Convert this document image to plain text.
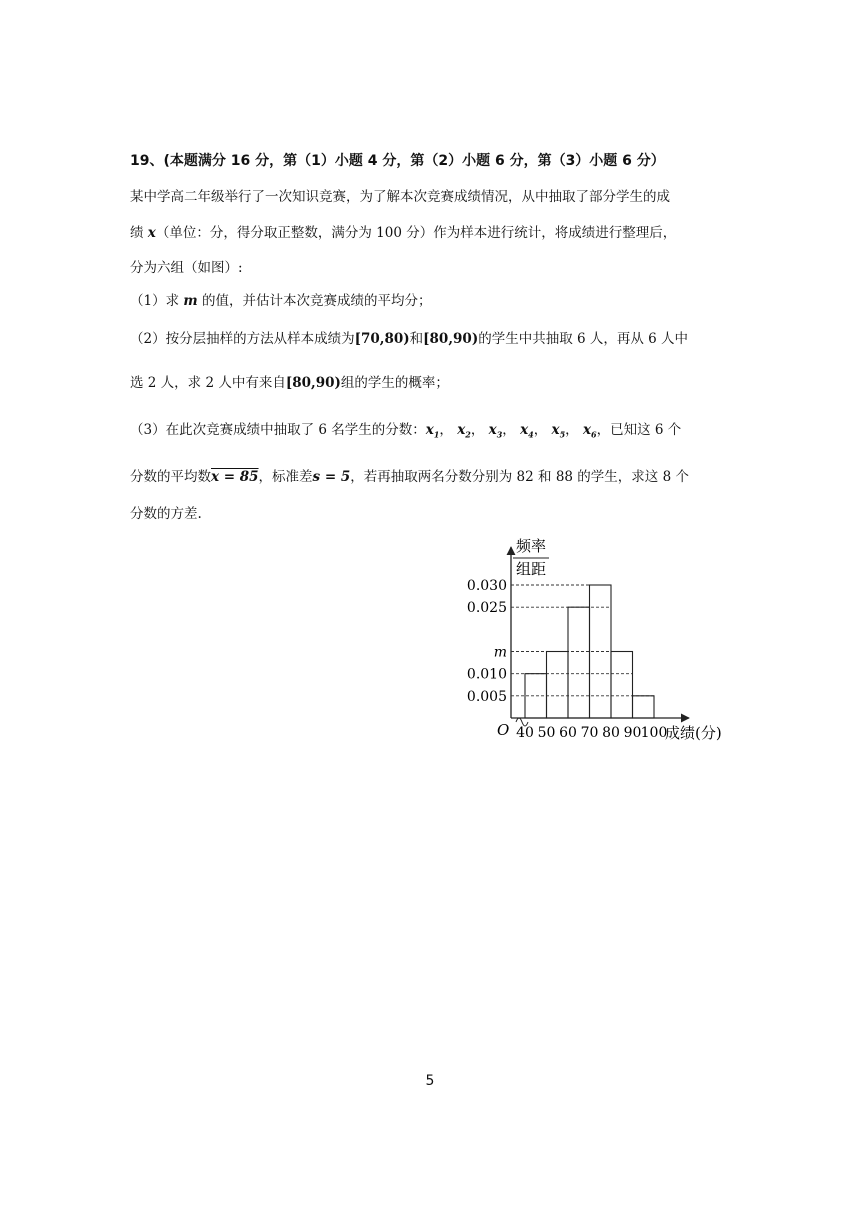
19、(本题满分 16 分，第（1）小题 4 分，第（2）小题 6 分，第（3）小题 6 分）
某中学高二年级举行了一次知识竞赛，为了解本次竞赛成绩情况，从中抽取了部分学生的成
绩 x（单位：分，得分取正整数，满分为 100 分）作为样本进行统计，将成绩进行整理后，
分为六组（如图）:
（1）求 m 的值，并估计本次竞赛成绩的平均分；
（2）按分层抽样的方法从样本成绩为[70,80)和[80,90)的学生中共抽取 6 人，再从 6 人中
选 2 人，求 2 人中有来自[80,90)组的学生的概率；
（3）在此次竞赛成绩中抽取了 6 名学生的分数：$x_1$， $x_2$， $x_3$， $x_4$， $x_5$， $x_6$，已知这 6 个
分数的平均数x = 85，标准差s = 5，若再抽取两名分数分别为 82 和 88 的学生，求这 8 个
分数的方差.
0.005
0.010
m
0.025
0.030
40 50 60 70 80 90 100
O
频率
组距
成绩(分)
5
